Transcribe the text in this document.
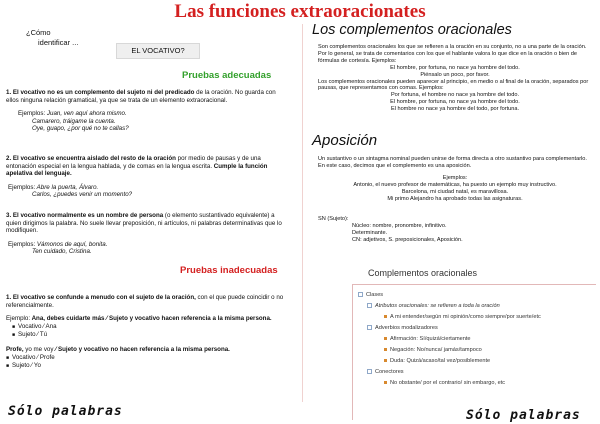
Las funciones extraoracionates
¿Cómo
identificar ...
EL VOCATIVO?
Pruebas adecuadas
1. El vocativo no es un complemento del sujeto ni del predicado de la oración. No guarda con ellos ninguna relación gramatical, ya que se trata de un elemento extraoracional.
Ejemplos: Juan, ven aquí ahora mismo.
Camarero, tráigame la cuenta.
Oye, guapo, ¿por qué no te callas?
2. El vocativo se encuentra aislado del resto de la oración por medio de pausas y de una entonación especial en la lengua hablada, y de comas en la lengua escrita. Cumple la función apelativa del lenguaje.
Ejemplos: Abre la puerta, Álvaro.
Carlos, ¿puedes venir un momento?
3. El vocativo normalmente es un nombre de persona (o elemento sustantivado equivalente) a quien dirigimos la palabra. No suele llevar preposición, ni artículos, ni palabras determinativas que lo modifiquen.
Ejemplos: Vámonos de aquí, bonita.
Ten cuidado, Cristina.
Pruebas inadecuadas
1. El vocativo se confunde a menudo con el sujeto de la oración, con el que puede coincidir o no referencialmente.
Ejemplo: Ana, debes cuidarte más ⁄ Sujeto y vocativo hacen referencia a la misma persona.
■ Vocativo ⁄ Ana
■ Sujeto ⁄ Tú
Profe, yo me voy ⁄ Sujeto y vocativo no hacen referencia a la misma persona.
■ Vocativo ⁄ Profe
■ Sujeto ⁄ Yo
Sólo palabras
Los complementos oracionales
Son complementos oracionales los que se refieren a la oración en su conjunto, no a una parte de la oración.
Por lo general, se trata de comentarios con los que el hablante valora lo que dice en la oración o bien de fórmulas de cortesía. Ejemplos:
El hombre, por fortuna, no nace ya hombre del todo.
Piénsalo un poco, por favor.
Los complementos oracionales pueden aparecer al principio, en medio o al final de la oración, separados por pausas, que representamos con comas. Ejemplos:
Por fortuna, el hombre no nace ya hombre del todo.
El hombre, por fortuna, no nace ya hombre del todo.
El hombre no nace ya hombre del todo, por fortuna.
Aposición
Un sustantivo o un sintagma nominal pueden unirse de forma directa a otro sustantivo para complementarlo. En este caso, decimos que el complemento es una aposición.
Ejemplos:
Antonio, el nuevo profesor de matemáticas, ha puesto un ejemplo muy instructivo.
Barcelona, mi ciudad natal, es maravillosa.
Mi primo Alejandro ha aprobado todas las asignaturas.
SN (Sujeto):
Núcleo: nombre, pronombre, infinitivo.
Determinante.
CN: adjetivos, S. preposicionales, Aposición.
Complementos oracionales
Clases
Atributos oracionales: se refieren a toda la oración
A mi entender/según mi opinión/como siempre/por suerte/etc
Adverbios modalizadores
Afirmación: Sí/quizá/ciertamente
Negación: No/nunca/ jamás/tampoco
Duda: Quizá/acaso/tal vez/posiblemente
Conectores
No obstante/ por el contrario/ sin embargo, etc
Sólo palabras
